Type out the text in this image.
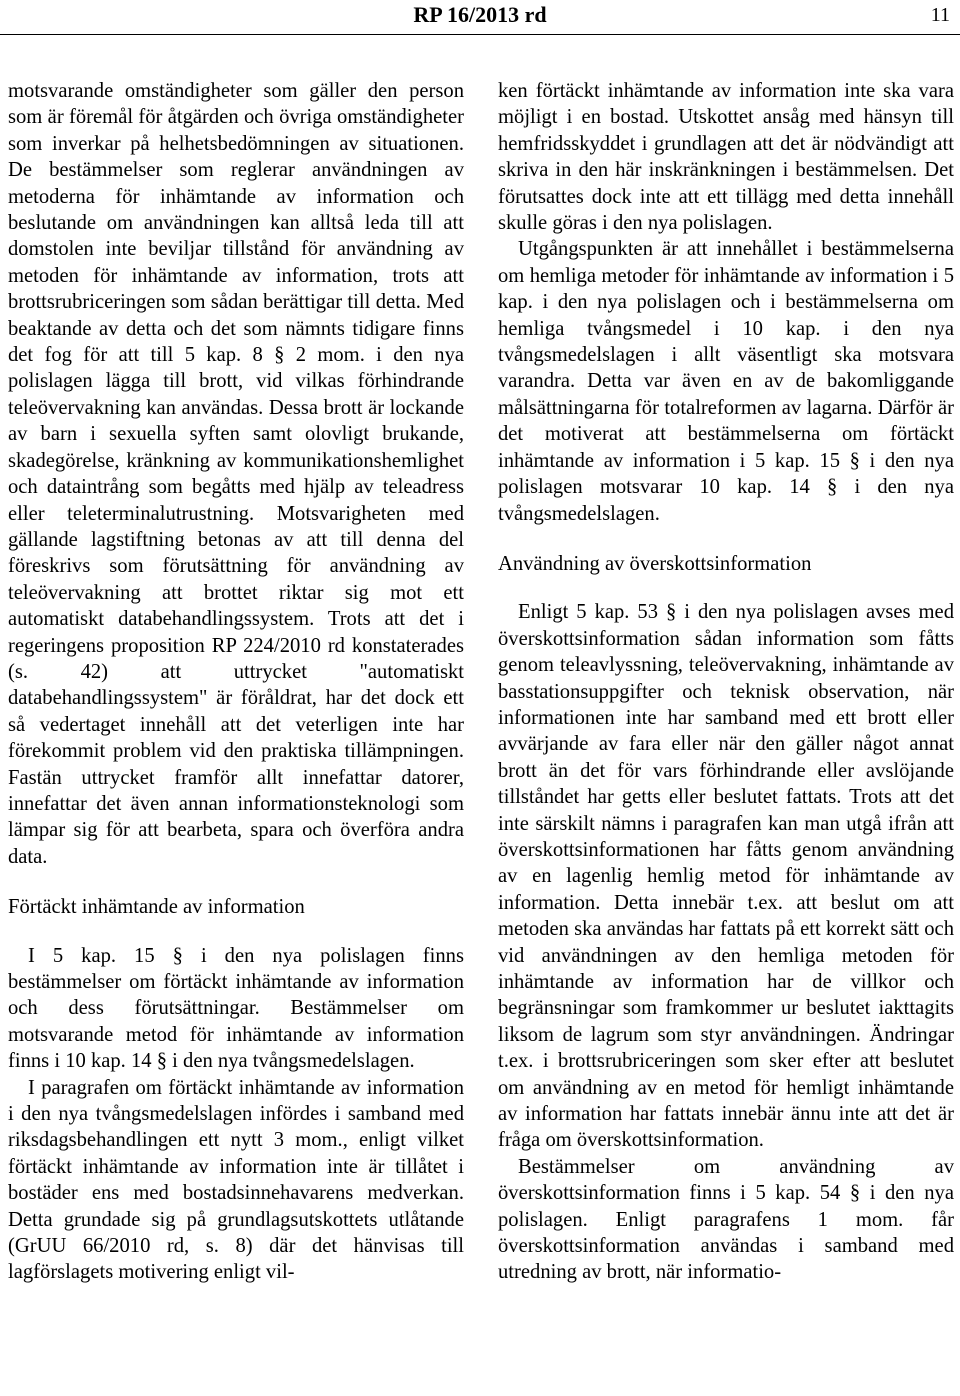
RP 16/2013 rd	11

motsvarande omständigheter som gäller den person som är föremål för åtgärden och övriga omständigheter som inverkar på helhetsbedömningen av situationen. De bestämmelser som reglerar användningen av metoderna för inhämtande av information och beslutande om användningen kan alltså leda till att domstolen inte beviljar tillstånd för användning av metoden för inhämtande av information, trots att brottsrubriceringen som sådan berättigar till detta. Med beaktande av detta och det som nämnts tidigare finns det fog för att till 5 kap. 8 § 2 mom. i den nya polislagen lägga till brott, vid vilkas förhindrande teleövervakning kan användas. Dessa brott är lockande av barn i sexuella syften samt olovligt brukande, skadegörelse, kränkning av kommunikationshemlighet och dataintrång som begåtts med hjälp av teleadress eller teleterminalutrustning. Motsvarigheten med gällande lagstiftning betonas av att till denna del föreskrivs som förutsättning för användning av teleövervakning att brottet riktar sig mot ett automatiskt databehandlingssystem. Trots att det i regeringens proposition RP 224/2010 rd konstaterades (s. 42) att uttrycket "automatiskt databehandlingssystem" är föråldrat, har det dock ett så vedertaget innehåll att det veterligen inte har förekommit problem vid den praktiska tillämpningen. Fastän uttrycket framför allt innefattar datorer, innefattar det även annan informationsteknologi som lämpar sig för att bearbeta, spara och överföra andra data.

Förtäckt inhämtande av information

I 5 kap. 15 § i den nya polislagen finns bestämmelser om förtäckt inhämtande av information och dess förutsättningar. Bestämmelser om motsvarande metod för inhämtande av information finns i 10 kap. 14 § i den nya tvångsmedelslagen.

I paragrafen om förtäckt inhämtande av information i den nya tvångsmedelslagen infördes i samband med riksdagsbehandlingen ett nytt 3 mom., enligt vilket förtäckt inhämtande av information inte är tillåtet i bostäder ens med bostadsinnehavarens medverkan. Detta grundade sig på grundlagsutskottets utlåtande (GrUU 66/2010 rd, s. 8) där det hänvisas till lagförslagets motivering enligt vil-

ken förtäckt inhämtande av information inte ska vara möjligt i en bostad. Utskottet ansåg med hänsyn till hemfridsskyddet i grundlagen att det är nödvändigt att skriva in den här inskränkningen i bestämmelsen. Det förutsattes dock inte att ett tillägg med detta innehåll skulle göras i den nya polislagen.

Utgångspunkten är att innehållet i bestämmelserna om hemliga metoder för inhämtande av information i 5 kap. i den nya polislagen och i bestämmelserna om hemliga tvångsmedel i 10 kap. i den nya tvångsmedelslagen i allt väsentligt ska motsvara varandra. Detta var även en av de bakomliggande målsättningarna för totalreformen av lagarna. Därför är det motiverat att bestämmelserna om förtäckt inhämtande av information i 5 kap. 15 § i den nya polislagen motsvarar 10 kap. 14 § i den nya tvångsmedelslagen.

Användning av överskottsinformation

Enligt 5 kap. 53 § i den nya polislagen avses med överskottsinformation sådan information som fåtts genom teleavlyssning, teleövervakning, inhämtande av basstationsuppgifter och teknisk observation, när informationen inte har samband med ett brott eller avvärjande av fara eller när den gäller något annat brott än det för vars förhindrande eller avslöjande tillståndet har getts eller beslutet fattats. Trots att det inte särskilt nämns i paragrafen kan man utgå ifrån att överskottsinformationen har fåtts genom användning av en lagenlig hemlig metod för inhämtande av information. Detta innebär t.ex. att beslut om att metoden ska användas har fattats på ett korrekt sätt och vid användningen av den hemliga metoden för inhämtande av information har de villkor och begränsningar som framkommer ur beslutet iakttagits liksom de lagrum som styr användningen. Ändringar t.ex. i brottsrubriceringen som sker efter att beslutet om användning av en metod för hemligt inhämtande av information har fattats innebär ännu inte att det är fråga om överskottsinformation.

Bestämmelser om användning av överskottsinformation finns i 5 kap. 54 § i den nya polislagen. Enligt paragrafens 1 mom. får överskottsinformation användas i samband med utredning av brott, när informatio-
